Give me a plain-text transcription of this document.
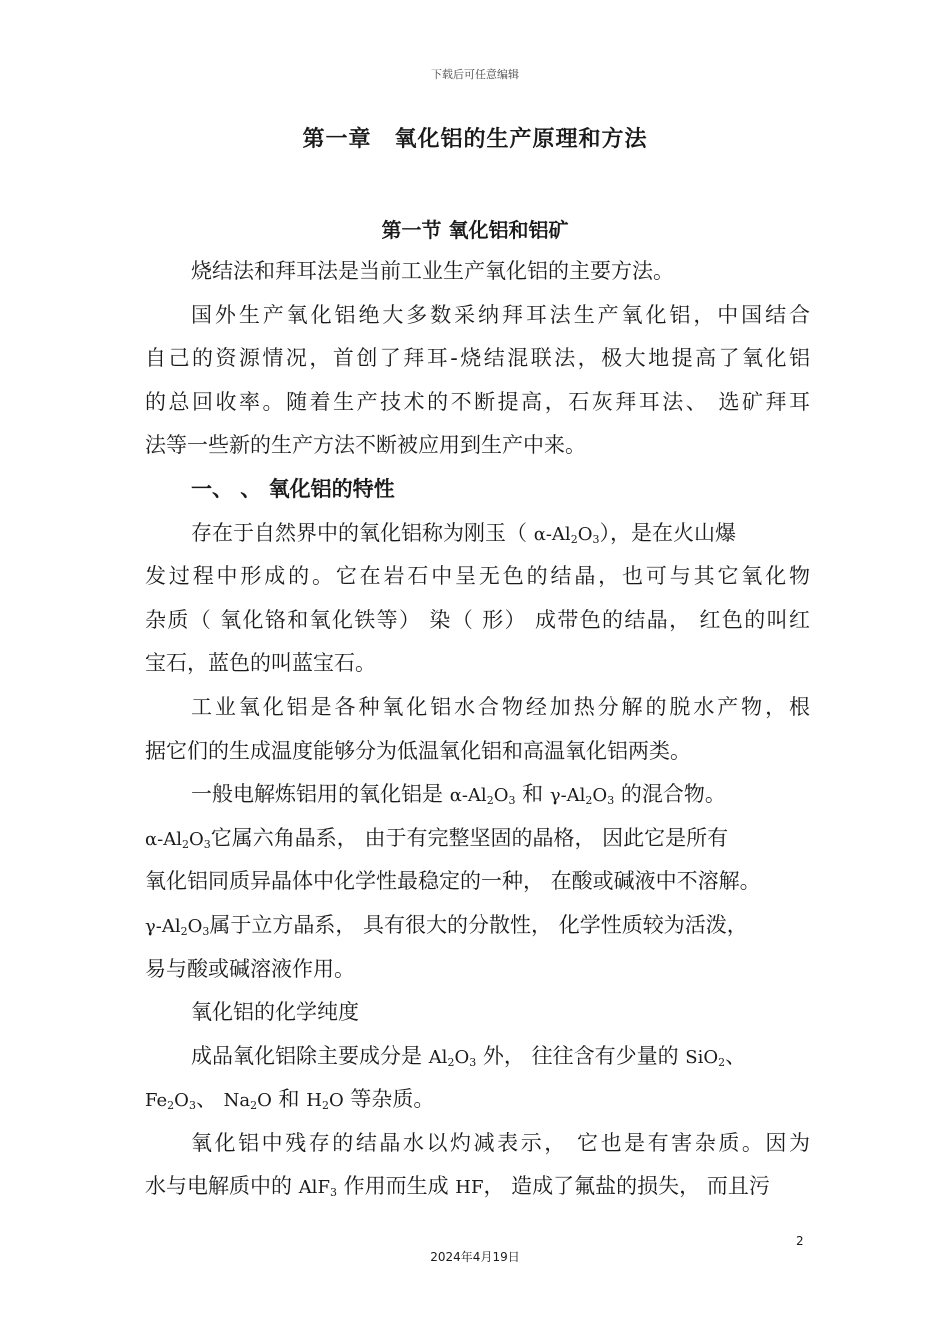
下载后可任意编辑
第一章　氧化铝的生产原理和方法
第一节 氧化铝和铝矿
烧结法和拜耳法是当前工业生产氧化铝的主要方法。
国外生产氧化铝绝大多数采纳拜耳法生产氧化铝，中国结合
自己的资源情况，首创了拜耳-烧结混联法，极大地提高了氧化铝
的总回收率。随着生产技术的不断提高，石灰拜耳法、 选矿拜耳
法等一些新的生产方法不断被应用到生产中来。
一、 、 氧化铝的特性
存在于自然界中的氧化铝称为刚玉（ $\alpha-Al_2O_3$），是在火山爆
发过程中形成的。它在岩石中呈无色的结晶，也可与其它氧化物
杂质（ 氧化铬和氧化铁等） 染（ 形） 成带色的结晶， 红色的叫红
宝石，蓝色的叫蓝宝石。
工业氧化铝是各种氧化铝水合物经加热分解的脱水产物，根
据它们的生成温度能够分为低温氧化铝和高温氧化铝两类。
一般电解炼铝用的氧化铝是 $\alpha-Al_2O_3$ 和 $\gamma-Al_2O_3$ 的混合物。
$\alpha-Al_2O_3$它属六角晶系， 由于有完整坚固的晶格， 因此它是所有
氧化铝同质异晶体中化学性最稳定的一种， 在酸或碱液中不溶解。
$\gamma-Al_2O_3$属于立方晶系， 具有很大的分散性， 化学性质较为活泼，
易与酸或碱溶液作用。
氧化铝的化学纯度
成品氧化铝除主要成分是 $Al_2O_3$ 外， 往往含有少量的 SiO$_2$、
$Fe_2O_3$、 $Na_2O$ 和 $H_2O$ 等杂质。
氧化铝中残存的结晶水以灼减表示， 它也是有害杂质。因为
水与电解质中的 AlF$_3$ 作用而生成 HF， 造成了氟盐的损失， 而且污
2
2024年4月19日
